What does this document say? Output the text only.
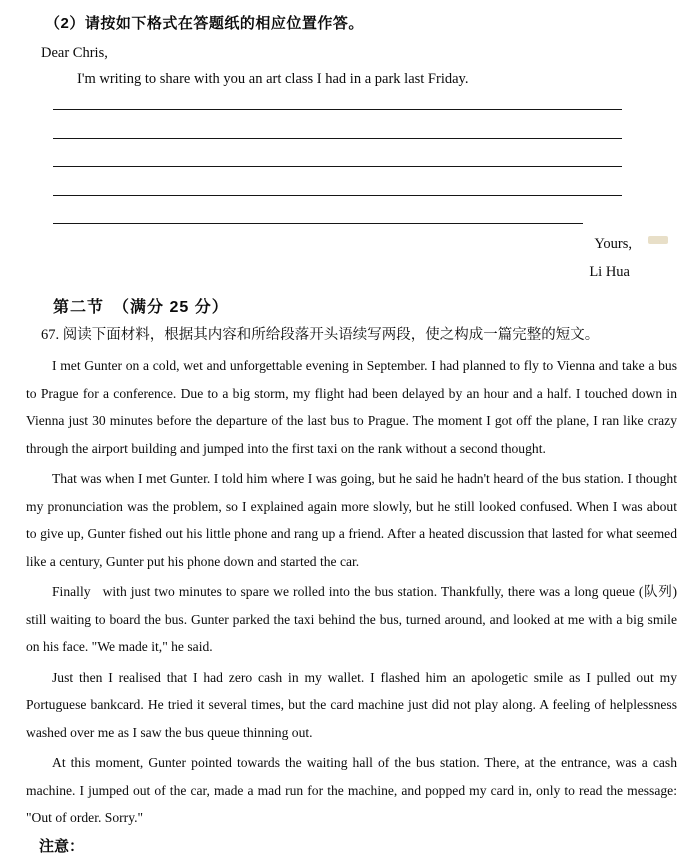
（2）请按如下格式在答题纸的相应位置作答。
Dear Chris,
I'm writing to share with you an art class I had in a park last Friday.
Yours,
Li Hua
第二节　（满分 25 分）
67. 阅读下面材料，根据其内容和所给段落开头语续写两段，使之构成一篇完整的短文。

I met Gunter on a cold, wet and unforgettable evening in September. I had planned to fly to Vienna and take a bus to Prague for a conference. Due to a big storm, my flight had been delayed by an hour and a half. I touched down in Vienna just 30 minutes before the departure of the last bus to Prague. The moment I got off the plane, I ran like crazy through the airport building and jumped into the first taxi on the rank without a second thought.

That was when I met Gunter. I told him where I was going, but he said he hadn't heard of the bus station. I thought my pronunciation was the problem, so I explained again more slowly, but he still looked confused. When I was about to give up, Gunter fished out his little phone and rang up a friend. After a heated discussion that lasted for what seemed like a century, Gunter put his phone down and started the car.

Finally   with just two minutes to spare we rolled into the bus station. Thankfully, there was a long queue (队列) still waiting to board the bus. Gunter parked the taxi behind the bus, turned around, and looked at me with a big smile on his face. "We made it," he said.

Just then I realised that I had zero cash in my wallet. I flashed him an apologetic smile as I pulled out my Portuguese bankcard. He tried it several times, but the card machine just did not play along. A feeling of helplessness washed over me as I saw the bus queue thinning out.

At this moment, Gunter pointed towards the waiting hall of the bus station. There, at the entrance, was a cash machine. I jumped out of the car, made a mad run for the machine, and popped my card in, only to read the message: "Out of order. Sorry."

注意：
